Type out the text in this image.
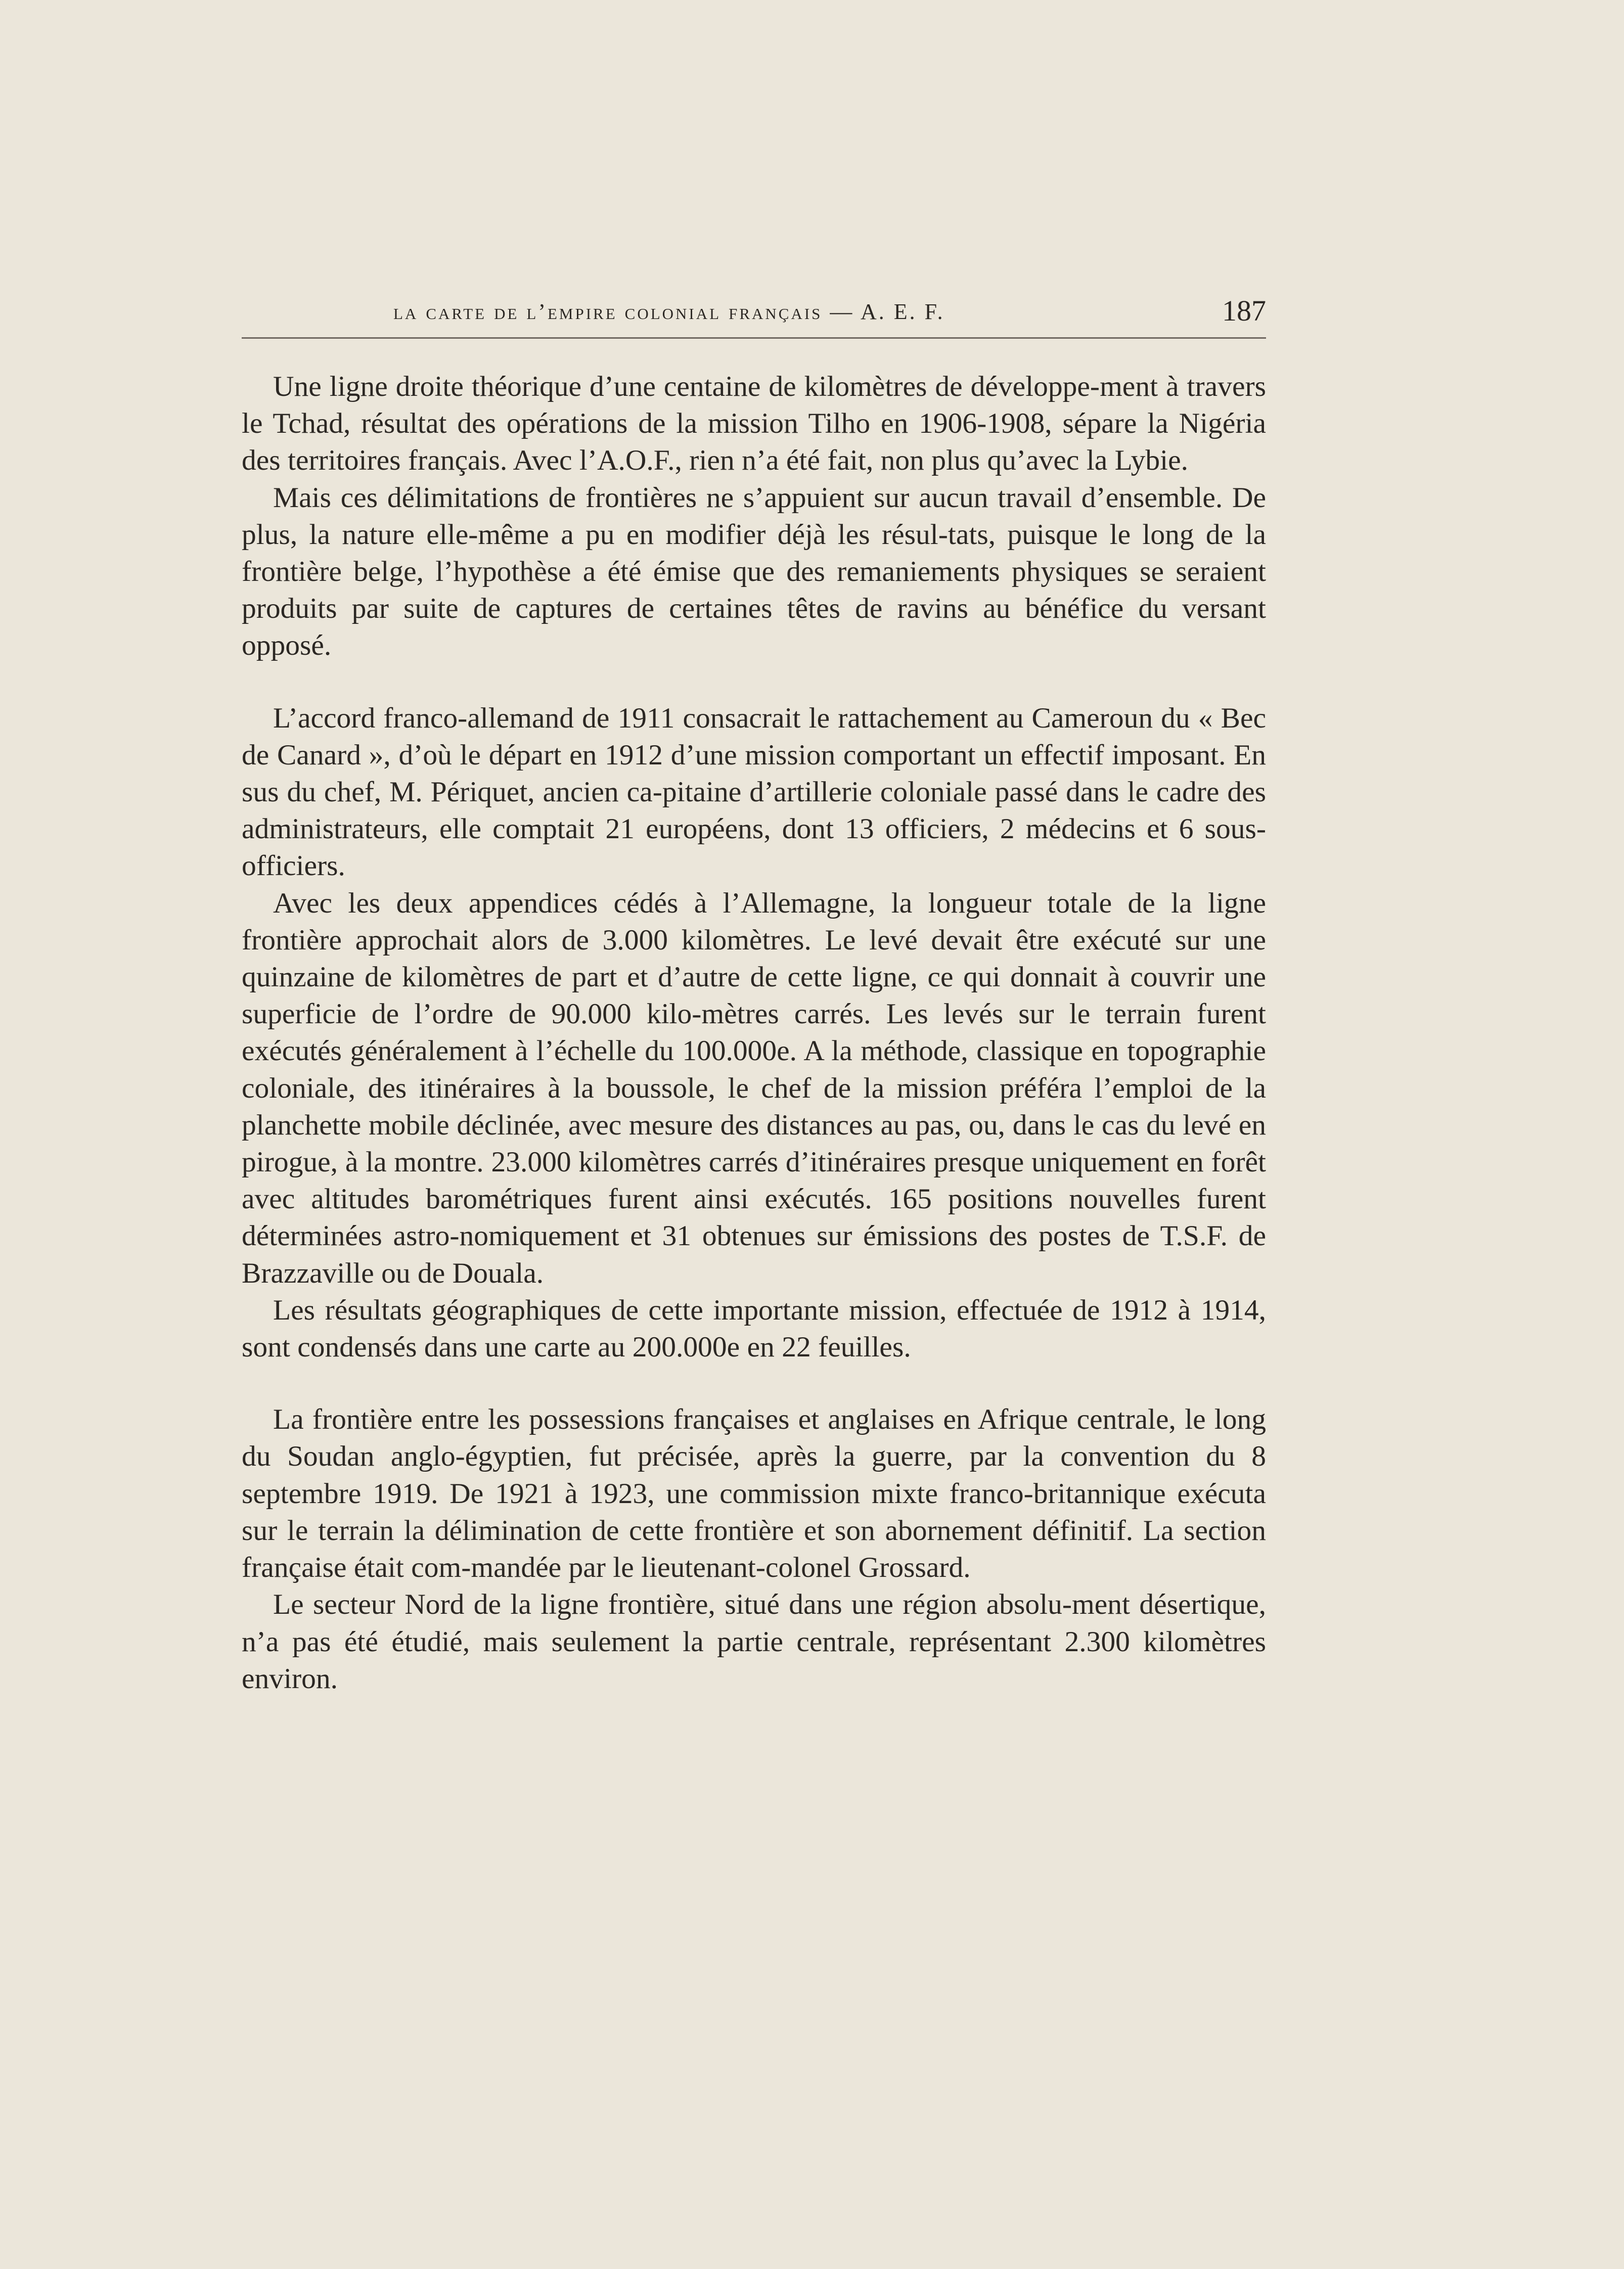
la carte de l’empire colonial français — A. E. F.	187

Une ligne droite théorique d’une centaine de kilomètres de développe-ment à travers le Tchad, résultat des opérations de la mission Tilho en 1906-1908, sépare la Nigéria des territoires français. Avec l’A.O.F., rien n’a été fait, non plus qu’avec la Lybie.

Mais ces délimitations de frontières ne s’appuient sur aucun travail d’ensemble. De plus, la nature elle-même a pu en modifier déjà les résul-tats, puisque le long de la frontière belge, l’hypothèse a été émise que des remaniements physiques se seraient produits par suite de captures de certaines têtes de ravins au bénéfice du versant opposé.

L’accord franco-allemand de 1911 consacrait le rattachement au Cameroun du « Bec de Canard », d’où le départ en 1912 d’une mission comportant un effectif imposant. En sus du chef, M. Périquet, ancien ca-pitaine d’artillerie coloniale passé dans le cadre des administrateurs, elle comptait 21 européens, dont 13 officiers, 2 médecins et 6 sous-officiers.

Avec les deux appendices cédés à l’Allemagne, la longueur totale de la ligne frontière approchait alors de 3.000 kilomètres. Le levé devait être exécuté sur une quinzaine de kilomètres de part et d’autre de cette ligne, ce qui donnait à couvrir une superficie de l’ordre de 90.000 kilo-mètres carrés. Les levés sur le terrain furent exécutés généralement à l’échelle du 100.000e. A la méthode, classique en topographie coloniale, des itinéraires à la boussole, le chef de la mission préféra l’emploi de la planchette mobile déclinée, avec mesure des distances au pas, ou, dans le cas du levé en pirogue, à la montre. 23.000 kilomètres carrés d’itinéraires presque uniquement en forêt avec altitudes barométriques furent ainsi exécutés. 165 positions nouvelles furent déterminées astro-nomiquement et 31 obtenues sur émissions des postes de T.S.F. de Brazzaville ou de Douala.

Les résultats géographiques de cette importante mission, effectuée de 1912 à 1914, sont condensés dans une carte au 200.000e en 22 feuilles.

La frontière entre les possessions françaises et anglaises en Afrique centrale, le long du Soudan anglo-égyptien, fut précisée, après la guerre, par la convention du 8 septembre 1919. De 1921 à 1923, une commission mixte franco-britannique exécuta sur le terrain la délimination de cette frontière et son abornement définitif. La section française était com-mandée par le lieutenant-colonel Grossard.

Le secteur Nord de la ligne frontière, situé dans une région absolu-ment désertique, n’a pas été étudié, mais seulement la partie centrale, représentant 2.300 kilomètres environ.
